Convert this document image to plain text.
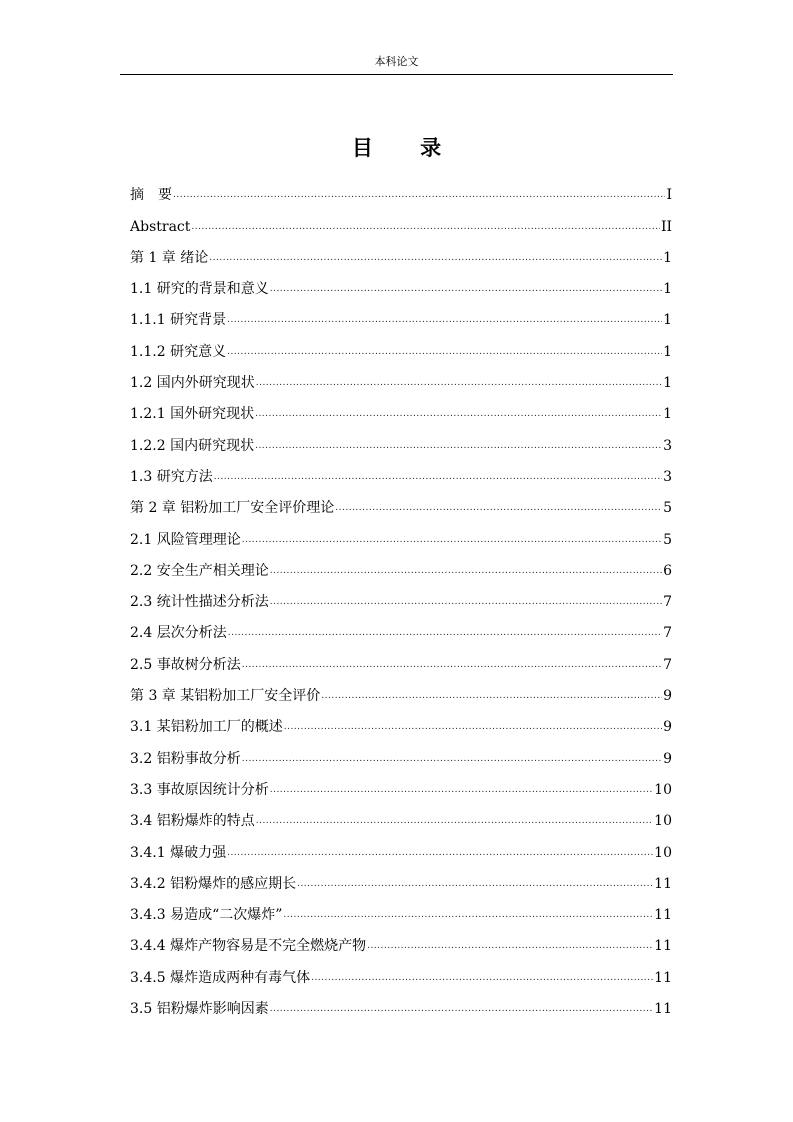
本科论文
目 录
摘　要 .....	I
Abstract .....	II
第 1 章 绪论 .....	1
1.1 研究的背景和意义 .....	1
1.1.1 研究背景 .....	1
1.1.2 研究意义 .....	1
1.2 国内外研究现状 .....	1
1.2.1 国外研究现状 .....	1
1.2.2 国内研究现状 .....	3
1.3 研究方法 .....	3
第 2 章 铝粉加工厂安全评价理论 .....	5
2.1 风险管理理论 .....	5
2.2 安全生产相关理论 .....	6
2.3 统计性描述分析法 .....	7
2.4 层次分析法 .....	7
2.5 事故树分析法 .....	7
第 3 章 某铝粉加工厂安全评价 .....	9
3.1 某铝粉加工厂的概述 .....	9
3.2 铝粉事故分析 .....	9
3.3 事故原因统计分析 .....	10
3.4 铝粉爆炸的特点 .....	10
3.4.1 爆破力强 .....	10
3.4.2 铝粉爆炸的感应期长 .....	11
3.4.3 易造成“二次爆炸” .....	11
3.4.4 爆炸产物容易是不完全燃烧产物 .....	11
3.4.5 爆炸造成两种有毒气体 .....	11
3.5 铝粉爆炸影响因素 .....	11
